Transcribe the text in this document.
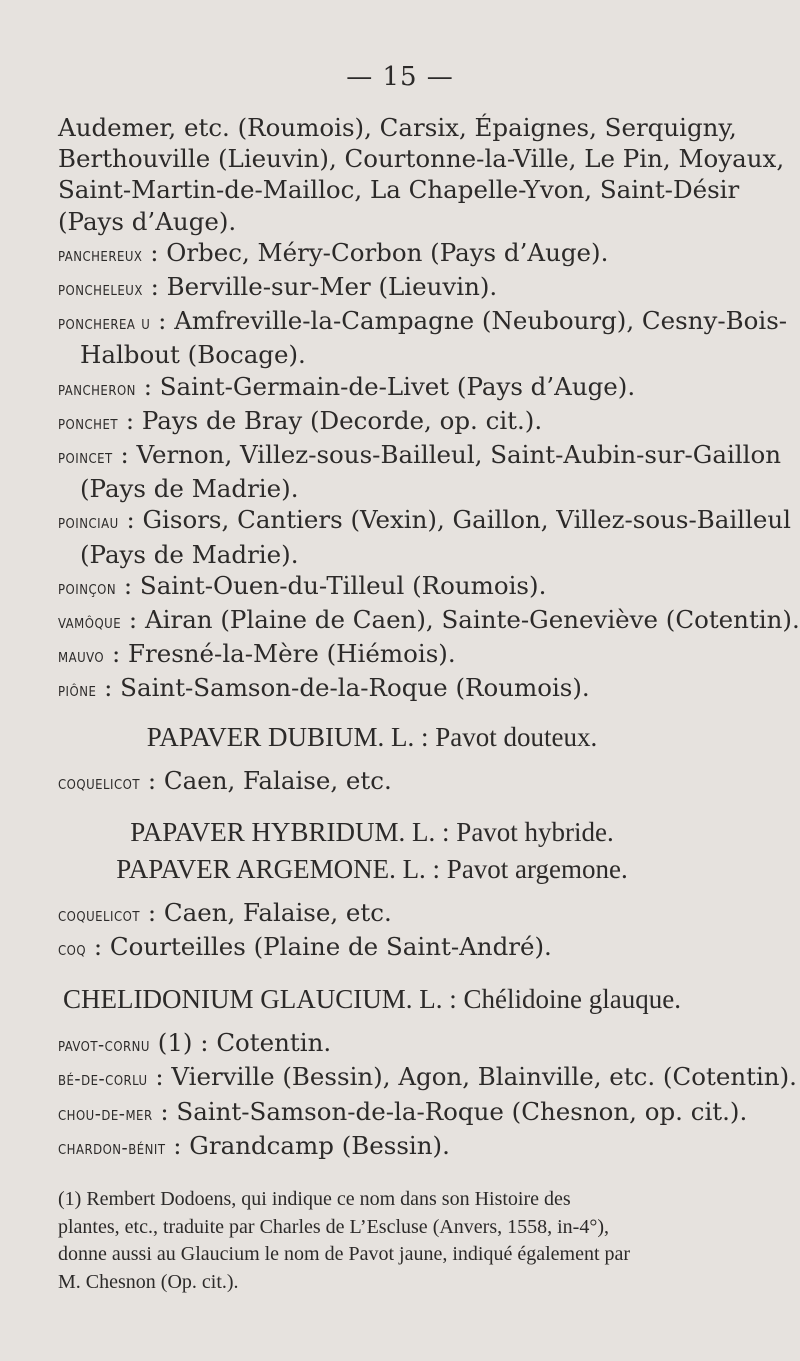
— 15 —
Audemer, etc. (Roumois), Carsix, Épaignes, Serquigny,
Berthouville (Lieuvin), Courtonne-la-Ville, Le Pin, Moyaux,
Saint-Martin-de-Mailloc, La Chapelle-Yvon, Saint-Désir
(Pays d’Auge).
panchereux : Orbec, Méry-Corbon (Pays d’Auge).
poncheleux : Berville-sur-Mer (Lieuvin).
poncherea u : Amfreville-la-Campagne (Neubourg), Cesny-Bois-
Halbout (Bocage).
pancheron : Saint-Germain-de-Livet (Pays d’Auge).
ponchet : Pays de Bray (Decorde, op. cit.).
poincet : Vernon, Villez-sous-Bailleul, Saint-Aubin-sur-Gaillon
(Pays de Madrie).
poinciau : Gisors, Cantiers (Vexin), Gaillon, Villez-sous-Bailleul
(Pays de Madrie).
poinçon : Saint-Ouen-du-Tilleul (Roumois).
vamôque : Airan (Plaine de Caen), Sainte-Geneviève (Cotentin).
mauvo : Fresné-la-Mère (Hiémois).
piône : Saint-Samson-de-la-Roque (Roumois).
PAPAVER DUBIUM. L. : Pavot douteux.
coquelicot : Caen, Falaise, etc.
PAPAVER HYBRIDUM. L. : Pavot hybride.
PAPAVER ARGEMONE. L. : Pavot argemone.
coquelicot : Caen, Falaise, etc.
coq : Courteilles (Plaine de Saint-André).
CHELIDONIUM GLAUCIUM. L. : Chélidoine glauque.
pavot-cornu (1) : Cotentin.
bé-de-corlu : Vierville (Bessin), Agon, Blainville, etc. (Cotentin).
chou-de-mer : Saint-Samson-de-la-Roque (Chesnon, op. cit.).
chardon-bénit : Grandcamp (Bessin).
(1) Rembert Dodoens, qui indique ce nom dans son Histoire des
plantes, etc., traduite par Charles de L’Escluse (Anvers, 1558, in-4°),
donne aussi au Glaucium le nom de Pavot jaune, indiqué également par
M. Chesnon (Op. cit.).
